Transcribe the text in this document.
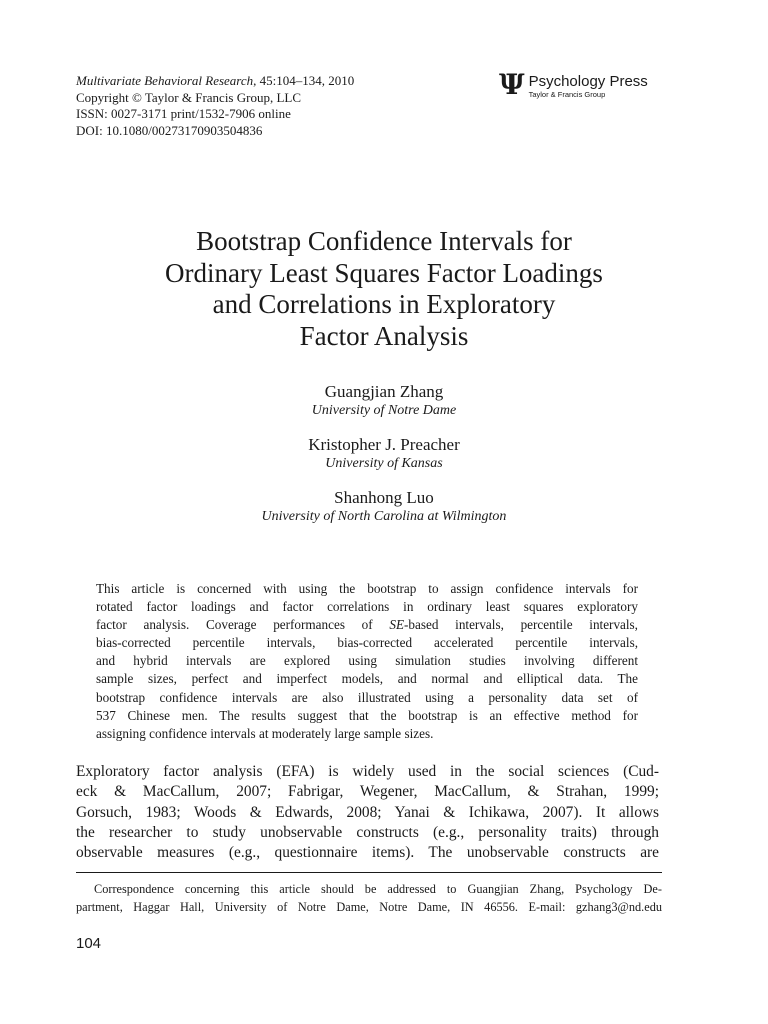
Multivariate Behavioral Research, 45:104–134, 2010
Copyright © Taylor & Francis Group, LLC
ISSN: 0027-3171 print/1532-7906 online
DOI: 10.1080/00273170903504836
Ψ Psychology Press
Taylor & Francis Group
Bootstrap Confidence Intervals for
Ordinary Least Squares Factor Loadings
and Correlations in Exploratory
Factor Analysis
Guangjian Zhang
University of Notre Dame
Kristopher J. Preacher
University of Kansas
Shanhong Luo
University of North Carolina at Wilmington
This article is concerned with using the bootstrap to assign confidence intervals for
rotated factor loadings and factor correlations in ordinary least squares exploratory
factor analysis. Coverage performances of SE-based intervals, percentile intervals,
bias-corrected percentile intervals, bias-corrected accelerated percentile intervals,
and hybrid intervals are explored using simulation studies involving different
sample sizes, perfect and imperfect models, and normal and elliptical data. The
bootstrap confidence intervals are also illustrated using a personality data set of
537 Chinese men. The results suggest that the bootstrap is an effective method for
assigning confidence intervals at moderately large sample sizes.
Exploratory factor analysis (EFA) is widely used in the social sciences (Cud-
eck & MacCallum, 2007; Fabrigar, Wegener, MacCallum, & Strahan, 1999;
Gorsuch, 1983; Woods & Edwards, 2008; Yanai & Ichikawa, 2007). It allows
the researcher to study unobservable constructs (e.g., personality traits) through
observable measures (e.g., questionnaire items). The unobservable constructs are
Correspondence concerning this article should be addressed to Guangjian Zhang, Psychology De-
partment, Haggar Hall, University of Notre Dame, Notre Dame, IN 46556. E-mail: gzhang3@nd.edu
104
